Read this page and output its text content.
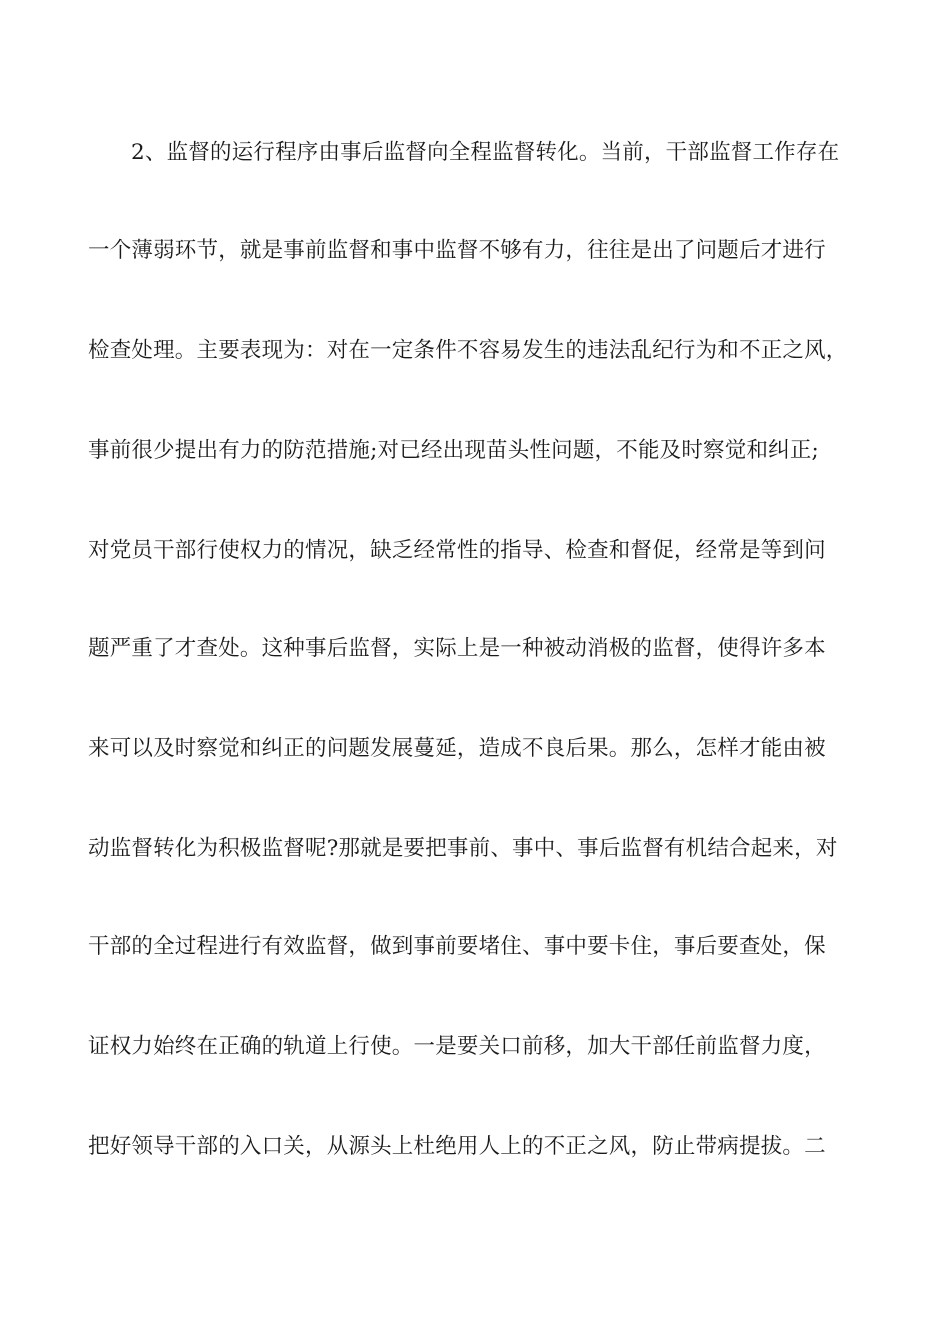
2、监督的运行程序由事后监督向全程监督转化。当前，干部监督工作存在
一个薄弱环节，就是事前监督和事中监督不够有力，往往是出了问题后才进行
检查处理。主要表现为：对在一定条件不容易发生的违法乱纪行为和不正之风，
事前很少提出有力的防范措施;对已经出现苗头性问题，不能及时察觉和纠正;
对党员干部行使权力的情况，缺乏经常性的指导、检查和督促，经常是等到问
题严重了才查处。这种事后监督，实际上是一种被动消极的监督，使得许多本
来可以及时察觉和纠正的问题发展蔓延，造成不良后果。那么，怎样才能由被
动监督转化为积极监督呢?那就是要把事前、事中、事后监督有机结合起来，对
干部的全过程进行有效监督，做到事前要堵住、事中要卡住，事后要查处，保
证权力始终在正确的轨道上行使。一是要关口前移，加大干部任前监督力度，
把好领导干部的入口关，从源头上杜绝用人上的不正之风，防止带病提拔。二
